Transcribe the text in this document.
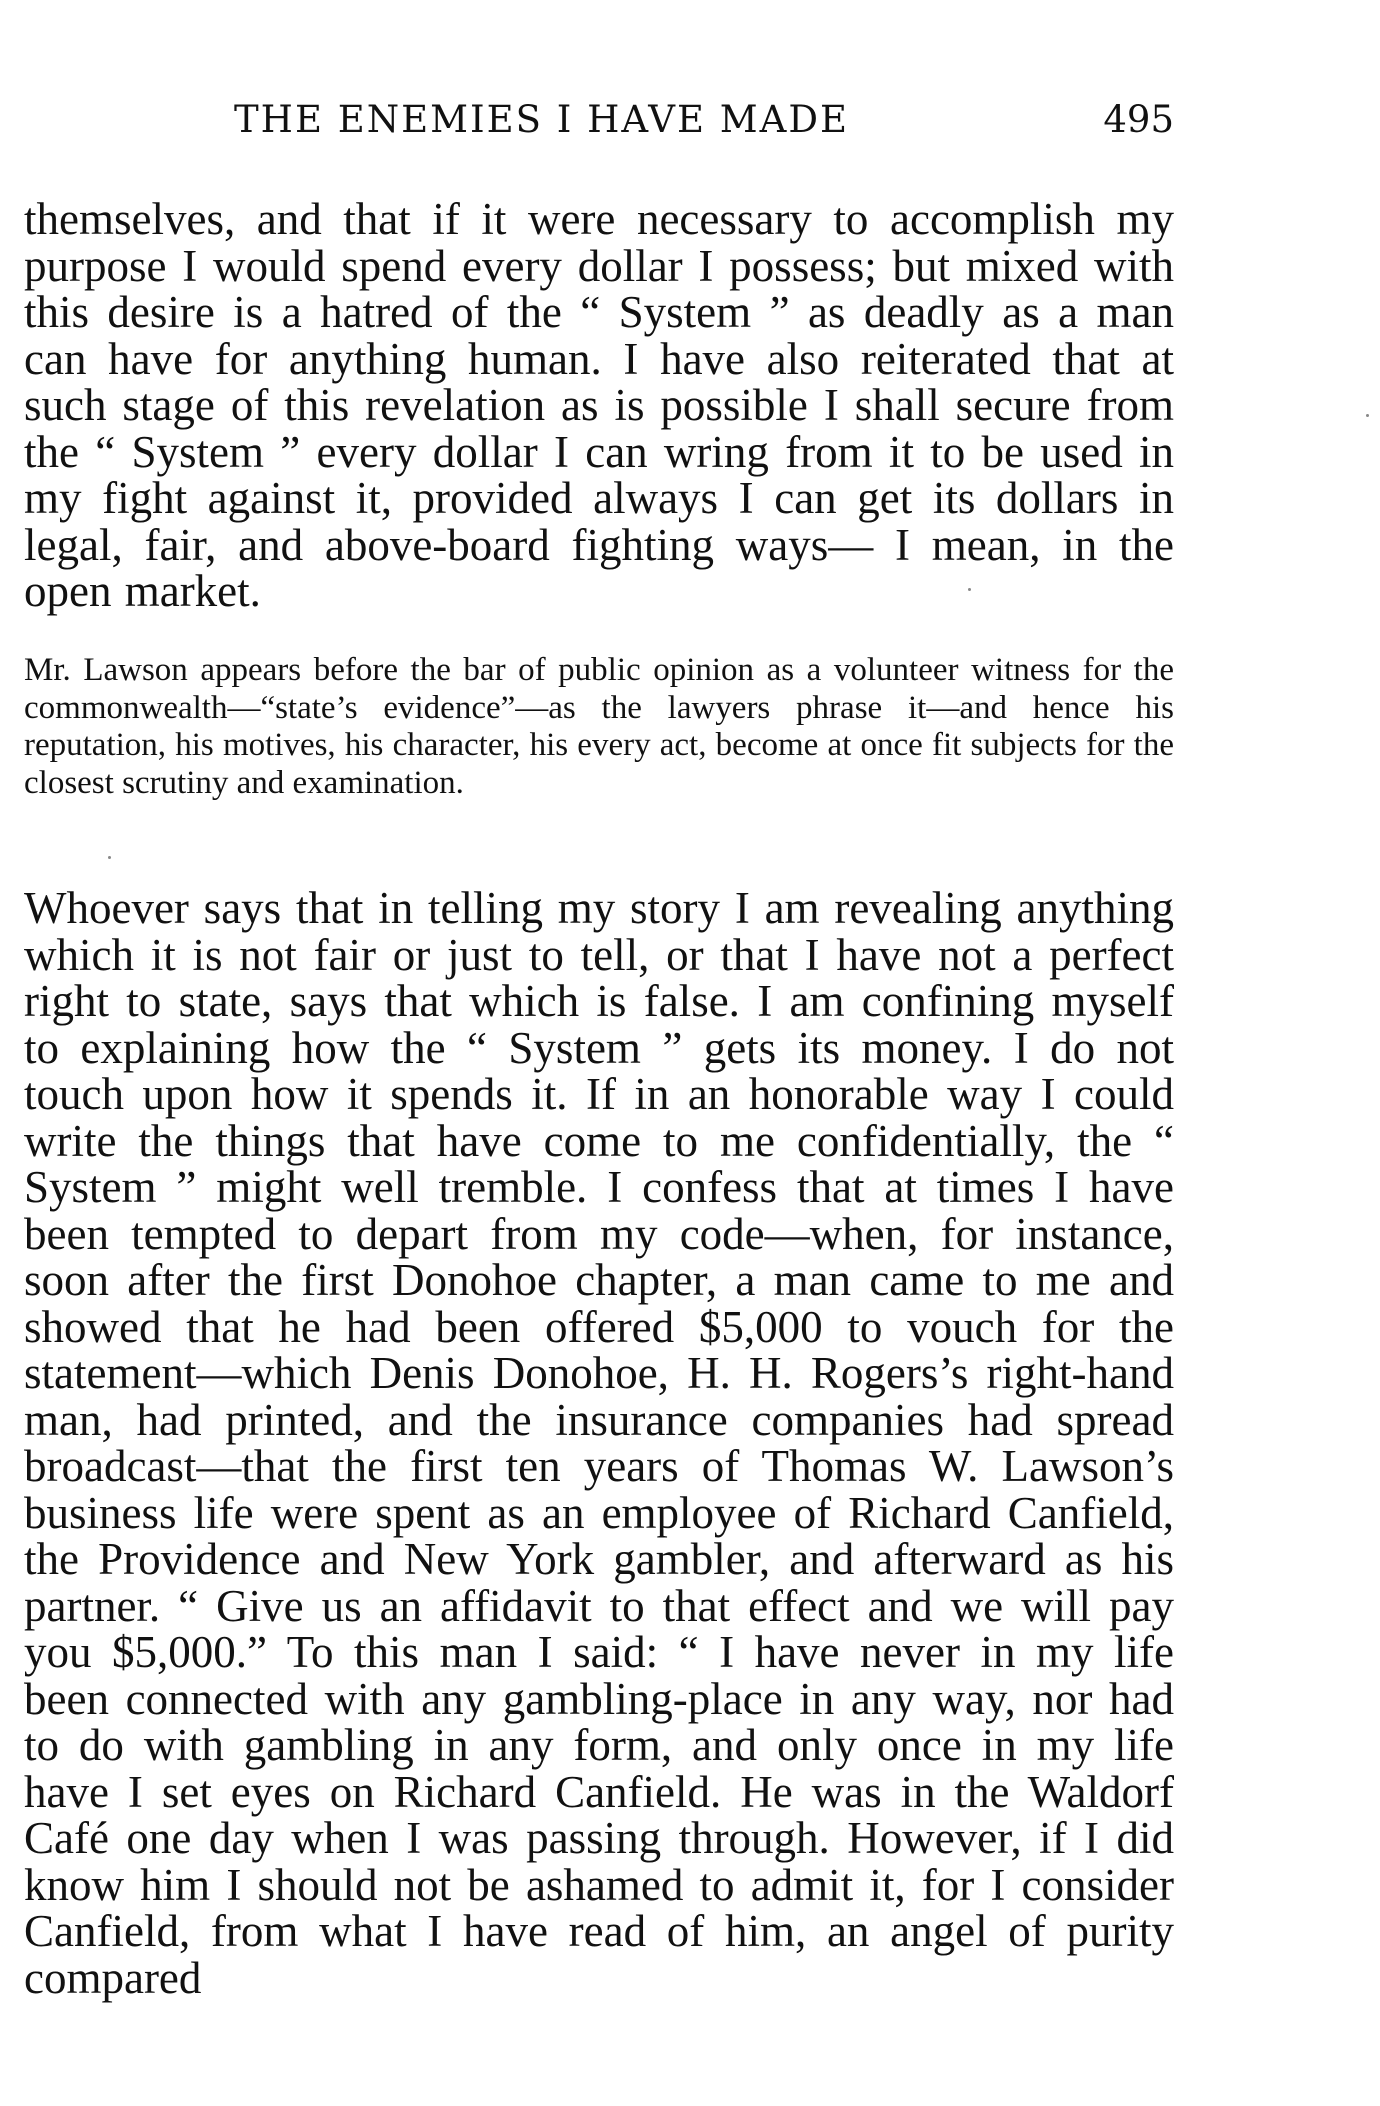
THE ENEMIES I HAVE MADE	495

themselves, and that if it were necessary to accomplish my purpose I would spend every dollar I possess; but mixed with this desire is a hatred of the “ System ” as deadly as a man can have for anything human. I have also reiterated that at such stage of this revelation as is possible I shall secure from the “ System ” every dollar I can wring from it to be used in my fight against it, provided always I can get its dollars in legal, fair, and above-board fighting ways— I mean, in the open market.

Mr. Lawson appears before the bar of public opinion as a volunteer witness for the commonwealth—“state’s evidence”—as the lawyers phrase it—and hence his reputation, his motives, his character, his every act, become at once fit subjects for the closest scrutiny and examination.

Whoever says that in telling my story I am revealing anything which it is not fair or just to tell, or that I have not a perfect right to state, says that which is false. I am confining myself to explaining how the “ System ” gets its money. I do not touch upon how it spends it. If in an honorable way I could write the things that have come to me confidentially, the “ System ” might well tremble. I confess that at times I have been tempted to depart from my code—when, for instance, soon after the first Donohoe chapter, a man came to me and showed that he had been offered $5,000 to vouch for the statement—which Denis Donohoe, H. H. Rogers’s right-hand man, had printed, and the insurance companies had spread broadcast—that the first ten years of Thomas W. Lawson’s business life were spent as an employee of Richard Canfield, the Providence and New York gambler, and afterward as his partner. “ Give us an affidavit to that effect and we will pay you $5,000.” To this man I said: “ I have never in my life been connected with any gambling-place in any way, nor had to do with gambling in any form, and only once in my life have I set eyes on Richard Canfield. He was in the Waldorf Café one day when I was passing through. However, if I did know him I should not be ashamed to admit it, for I consider Canfield, from what I have read of him, an angel of purity compared
